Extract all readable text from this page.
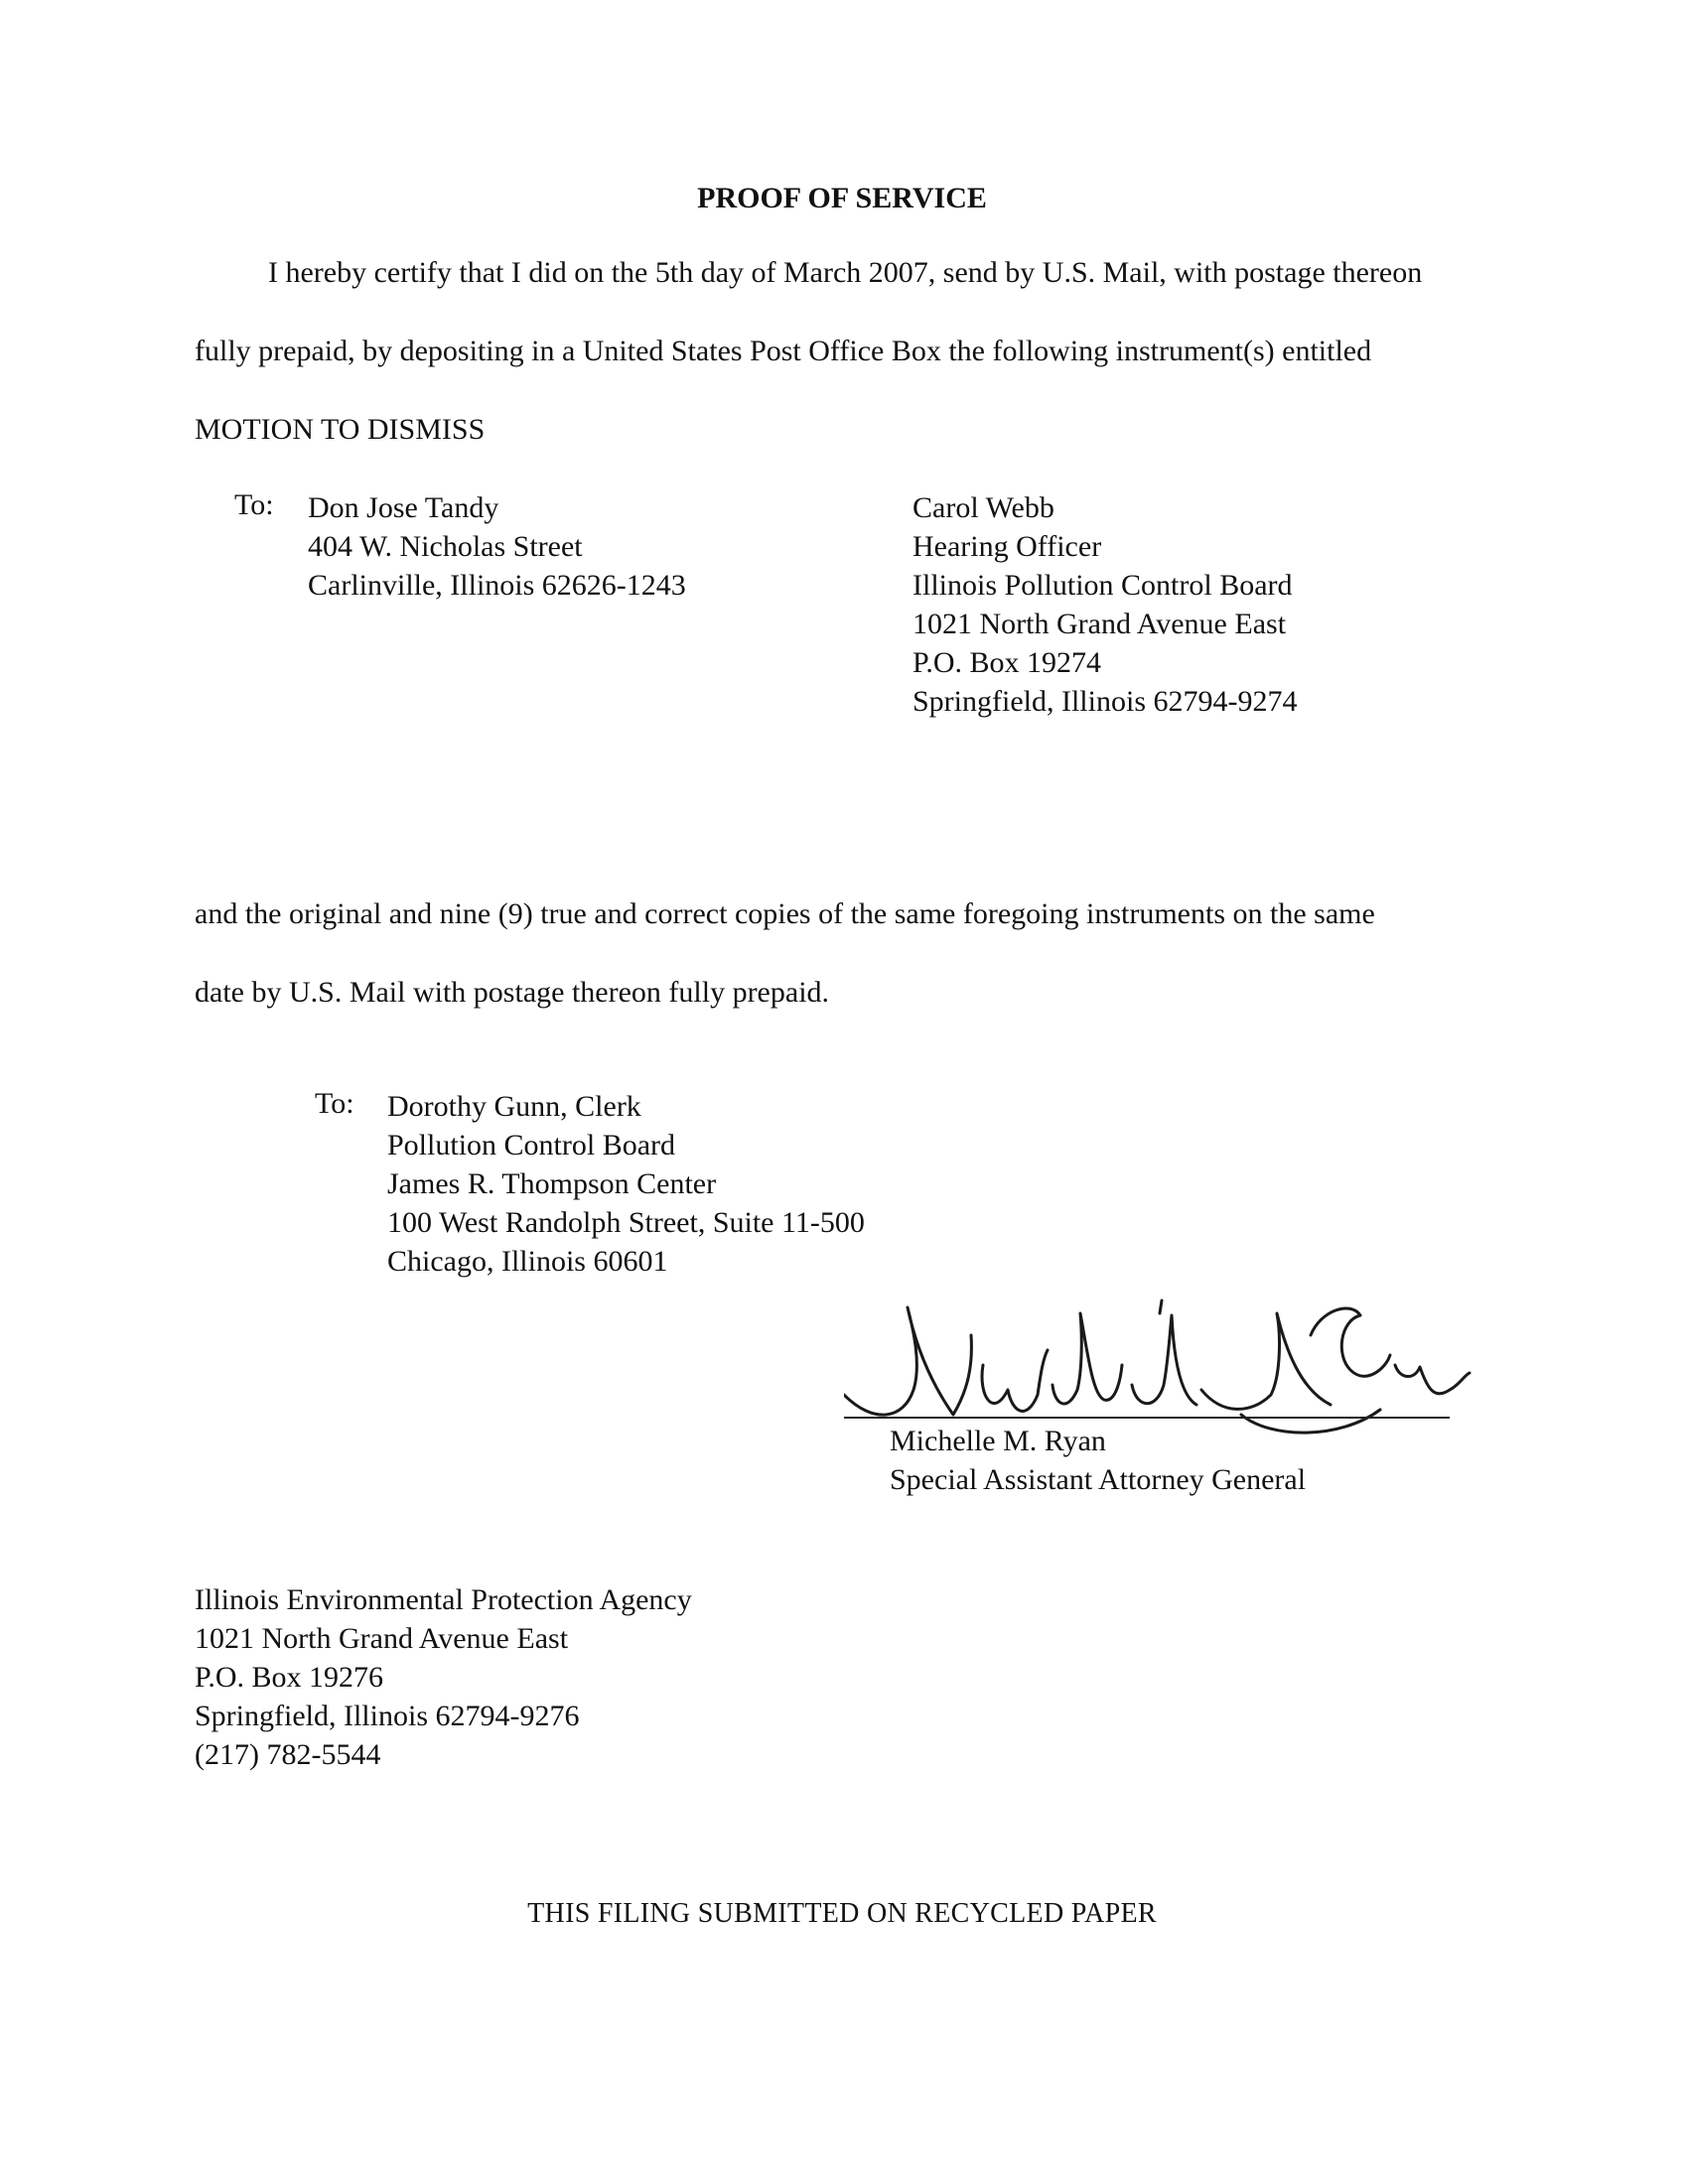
PROOF OF SERVICE
I hereby certify that I did on the 5th day of March 2007, send by U.S. Mail, with postage thereon
fully prepaid, by depositing in a United States Post Office Box the following instrument(s) entitled
MOTION TO DISMISS
To: Don Jose Tandy
404 W. Nicholas Street
Carlinville, Illinois 62626-1243
Carol Webb
Hearing Officer
Illinois Pollution Control Board
1021 North Grand Avenue East
P.O. Box 19274
Springfield, Illinois 62794-9274
and the original and nine (9) true and correct copies of the same foregoing instruments on the same
date by U.S. Mail with postage thereon fully prepaid.
To: Dorothy Gunn, Clerk
Pollution Control Board
James R. Thompson Center
100 West Randolph Street, Suite 11-500
Chicago, Illinois 60601
Michelle M. Ryan
Special Assistant Attorney General
Illinois Environmental Protection Agency
1021 North Grand Avenue East
P.O. Box 19276
Springfield, Illinois 62794-9276
(217) 782-5544
THIS FILING SUBMITTED ON RECYCLED PAPER
